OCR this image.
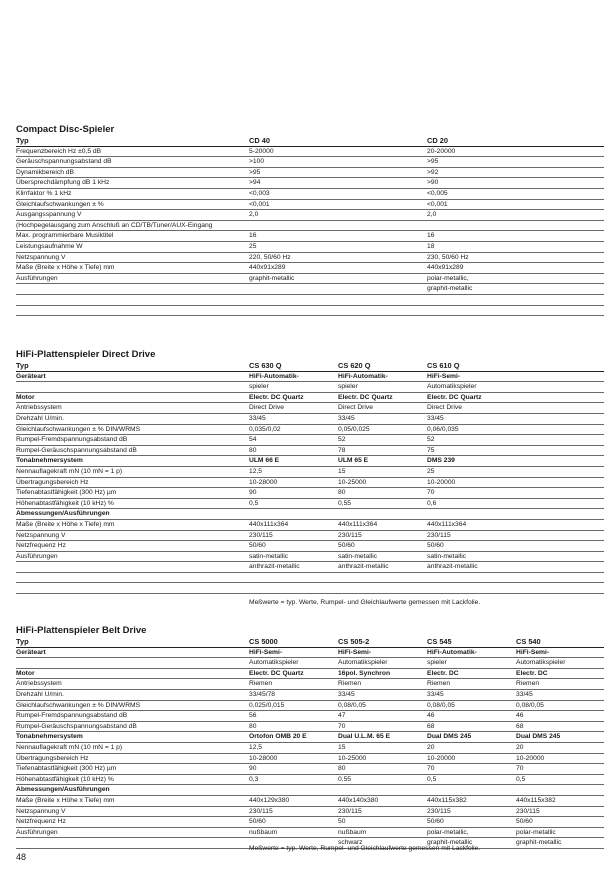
Compact Disc-Spieler
Typ	CD 40		CD 20	
Frequenzbereich Hz ±0,5 dB	5-20000		20-20000	
Geräuschspannungsabstand dB	>100		>95	
Dynamikbereich dB	>95		>92	
Übersprechdämpfung dB 1 kHz	>94		>90	
Klirrfaktor % 1 kHz	<0,003		<0,005	
Gleichlaufschwankungen ± %	<0,001		<0,001	
Ausgangsspannung V	2,0		2,0	
(Hochpegelausgang zum Anschluß an CD/TB/Tuner/AUX-Eingang				
Max. programmierbare Musiktitel	16		16	
Leistungsaufnahme W	25		18	
Netzspannung V	220, 50/60 Hz		230, 50/60 Hz	
Maße (Breite x Höhe x Tiefe) mm	440x91x289		440x91x289	
Ausführungen	graphit-metallic		polar-metallic,	
			graphit-metallic	

HiFi-Plattenspieler Direct Drive
Typ	CS 630 Q	CS 620 Q	CS 610 Q	
Geräteart	HiFi-Automatik-	HiFi-Automatik-	HiFi-Semi-	
	spieler	spieler	Automatikspieler	
Motor	Electr. DC Quartz	Electr. DC Quartz	Electr. DC Quartz	
Antriebssystem	Direct Drive	Direct Drive	Direct Drive	
Drehzahl U/min.	33/45	33/45	33/45	
Gleichlaufschwankungen ± % DIN/WRMS	0,035/0,02	0,05/0,025	0,06/0,035	
Rumpel-Fremdspannungsabstand dB	54	52	52	
Rumpel-Geräuschspannungsabstand dB	80	78	75	
Tonabnehmersystem	ULM 66 E	ULM 65 E	DMS 239	
Nennauflagekraft mN (10 mN = 1 p)	12,5	15	25	
Übertragungsbereich Hz	10-28000	10-25000	10-20000	
Tiefenabtastfähigkeit (300 Hz) µm	90	80	70	
Höhenabtastfähigkeit (10 kHz) %	0,5	0,55	0,6	
Abmessungen/Ausführungen				
Maße (Breite x Höhe x Tiefe) mm	440x111x364	440x111x364	440x111x364	
Netzspannung V	230/115	230/115	230/115	
Netzfrequenz Hz	50/60	50/60	50/60	
Ausführungen	satin-metallic	satin-metallic	satin-metallic	
	anthrazit-metallic	anthrazit-metallic	anthrazit-metallic	

Meßwerte = typ. Werte, Rumpel- und Gleichlaufwerte gemessen mit Lackfolie.
HiFi-Plattenspieler Belt Drive
Typ	CS 5000	CS 505-2	CS 545	CS 540
Geräteart	HiFi-Semi-	HiFi-Semi-	HiFi-Automatik-	HiFi-Semi-
	Automatikspieler	Automatikspieler	spieler	Automatikspieler
Motor	Electr. DC Quartz	16pol. Synchron	Electr. DC	Electr. DC
Antriebssystem	Riemen	Riemen	Riemen	Riemen
Drehzahl U/min.	33/45/78	33/45	33/45	33/45
Gleichlaufschwankungen ± % DIN/WRMS	0,025/0,015	0,08/0,05	0,08/0,05	0,08/0,05
Rumpel-Fremdspannungsabstand dB	56	47	46	46
Rumpel-Geräuschspannungsabstand dB	80	70	68	68
Tonabnehmersystem	Ortofon OMB 20 E	Dual U.L.M. 65 E	Dual DMS 245	Dual DMS 245
Nennauflagekraft mN (10 mN = 1 p)	12,5	15	20	20
Übertragungsbereich Hz	10-28000	10-25000	10-20000	10-20000
Tiefenabtastfähigkeit (300 Hz) µm	90	80	70	70
Höhenabtastfähigkeit (10 kHz) %	0,3	0,55	0,5	0,5
Abmessungen/Ausführungen				
Maße (Breite x Höhe x Tiefe) mm	440x129x380	440x140x380	440x115x382	440x115x382
Netzspannung V	230/115	230/115	230/115	230/115
Netzfrequenz Hz	50/60	50	50/60	50/60
Ausführungen	nußbaum	nußbaum	polar-metallic,	polar-metallic
		schwarz	graphit-metallic	graphit-metallic
Meßwerte = typ. Werte, Rumpel- und Gleichlaufwerte gemessen mit Lackfolie.
48
